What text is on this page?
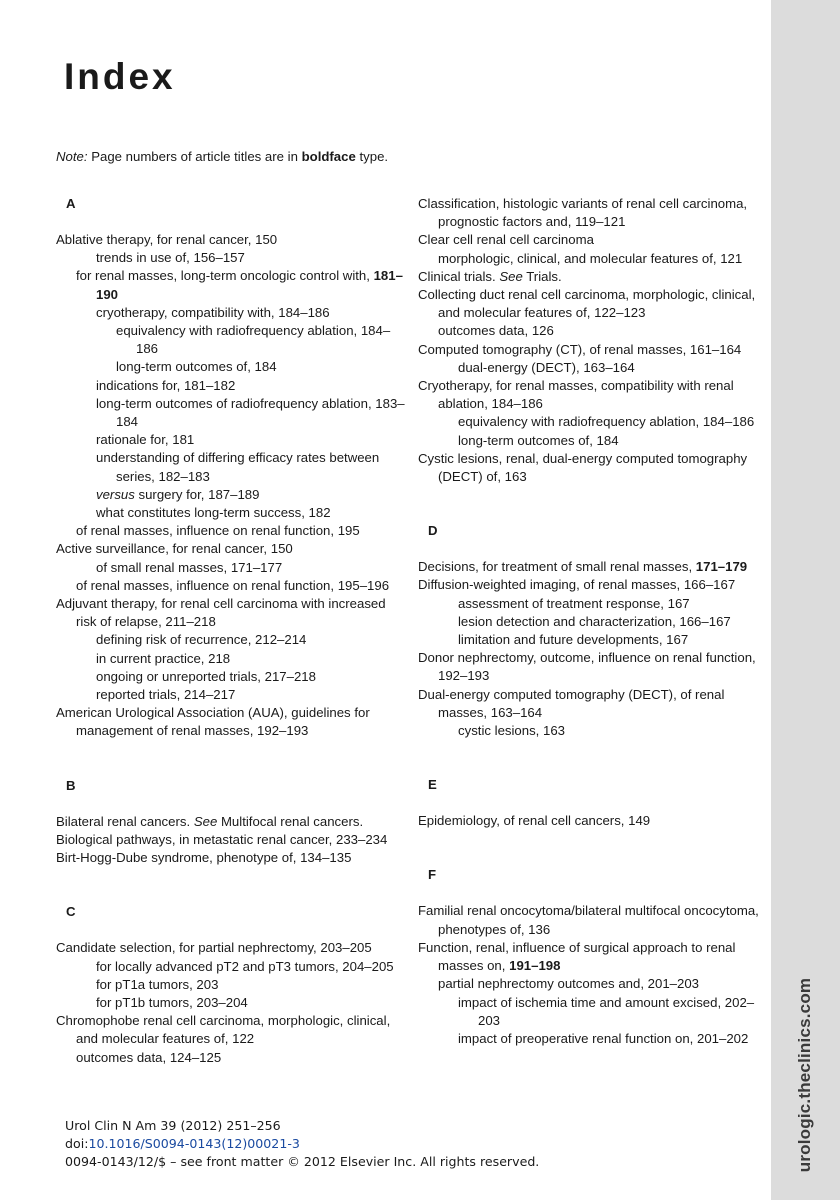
urologic.theclinics.com
Index
Note: Page numbers of article titles are in boldface type.
A
Ablative therapy, for renal cancer, 150
trends in use of, 156–157
for renal masses, long-term oncologic control with, 181–190
cryotherapy, compatibility with, 184–186
equivalency with radiofrequency ablation, 184–186
long-term outcomes of, 184
indications for, 181–182
long-term outcomes of radiofrequency ablation, 183–184
rationale for, 181
understanding of differing efficacy rates between series, 182–183
versus surgery for, 187–189
what constitutes long-term success, 182
of renal masses, influence on renal function, 195
Active surveillance, for renal cancer, 150
of small renal masses, 171–177
of renal masses, influence on renal function, 195–196
Adjuvant therapy, for renal cell carcinoma with increased risk of relapse, 211–218
defining risk of recurrence, 212–214
in current practice, 218
ongoing or unreported trials, 217–218
reported trials, 214–217
American Urological Association (AUA), guidelines for management of renal masses, 192–193
B
Bilateral renal cancers. See Multifocal renal cancers.
Biological pathways, in metastatic renal cancer, 233–234
Birt-Hogg-Dube syndrome, phenotype of, 134–135
C
Candidate selection, for partial nephrectomy, 203–205
for locally advanced pT2 and pT3 tumors, 204–205
for pT1a tumors, 203
for pT1b tumors, 203–204
Chromophobe renal cell carcinoma, morphologic, clinical, and molecular features of, 122
outcomes data, 124–125
Classification, histologic variants of renal cell carcinoma, prognostic factors and, 119–121
Clear cell renal cell carcinoma
morphologic, clinical, and molecular features of, 121
Clinical trials. See Trials.
Collecting duct renal cell carcinoma, morphologic, clinical, and molecular features of, 122–123
outcomes data, 126
Computed tomography (CT), of renal masses, 161–164
dual-energy (DECT), 163–164
Cryotherapy, for renal masses, compatibility with renal ablation, 184–186
equivalency with radiofrequency ablation, 184–186
long-term outcomes of, 184
Cystic lesions, renal, dual-energy computed tomography (DECT) of, 163
D
Decisions, for treatment of small renal masses, 171–179
Diffusion-weighted imaging, of renal masses, 166–167
assessment of treatment response, 167
lesion detection and characterization, 166–167
limitation and future developments, 167
Donor nephrectomy, outcome, influence on renal function, 192–193
Dual-energy computed tomography (DECT), of renal masses, 163–164
cystic lesions, 163
E
Epidemiology, of renal cell cancers, 149
F
Familial renal oncocytoma/bilateral multifocal oncocytoma, phenotypes of, 136
Function, renal, influence of surgical approach to renal masses on, 191–198
partial nephrectomy outcomes and, 201–203
impact of ischemia time and amount excised, 202–203
impact of preoperative renal function on, 201–202
Urol Clin N Am 39 (2012) 251–256
doi:10.1016/S0094-0143(12)00021-3
0094-0143/12/$ – see front matter © 2012 Elsevier Inc. All rights reserved.
